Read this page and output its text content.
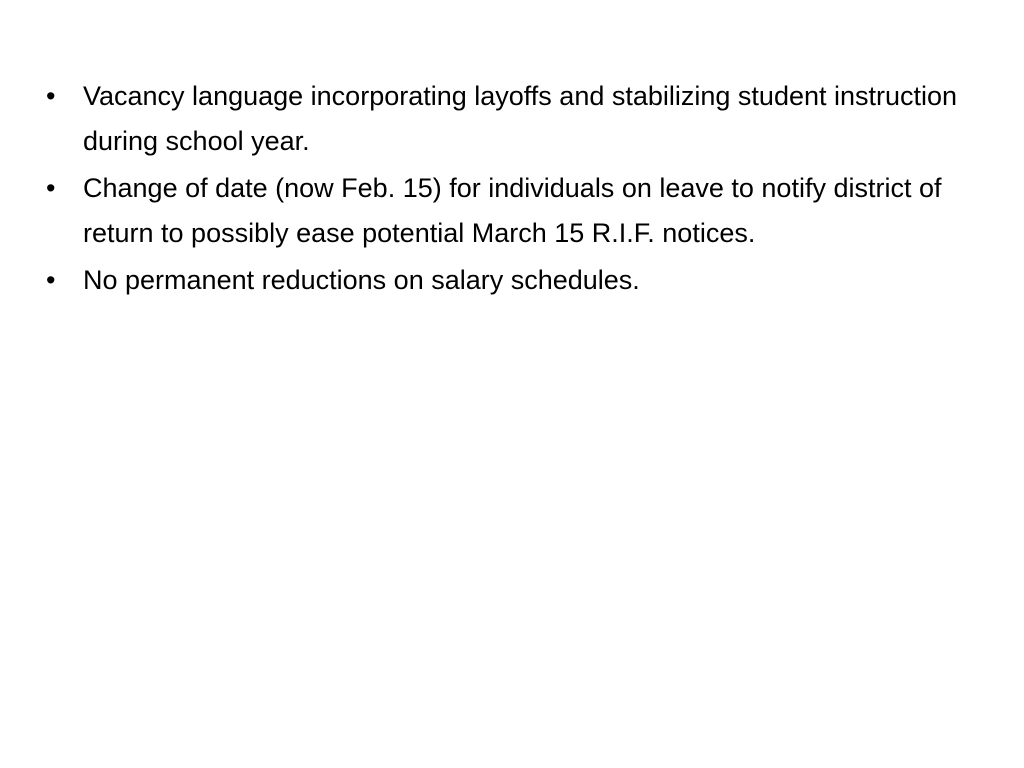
•	Vacancy language incorporating layoffs and stabilizing student instruction during school year.
•	Change of date (now Feb. 15) for individuals on leave to notify district of return to possibly ease potential March 15 R.I.F. notices.
•	No permanent reductions on salary schedules.
